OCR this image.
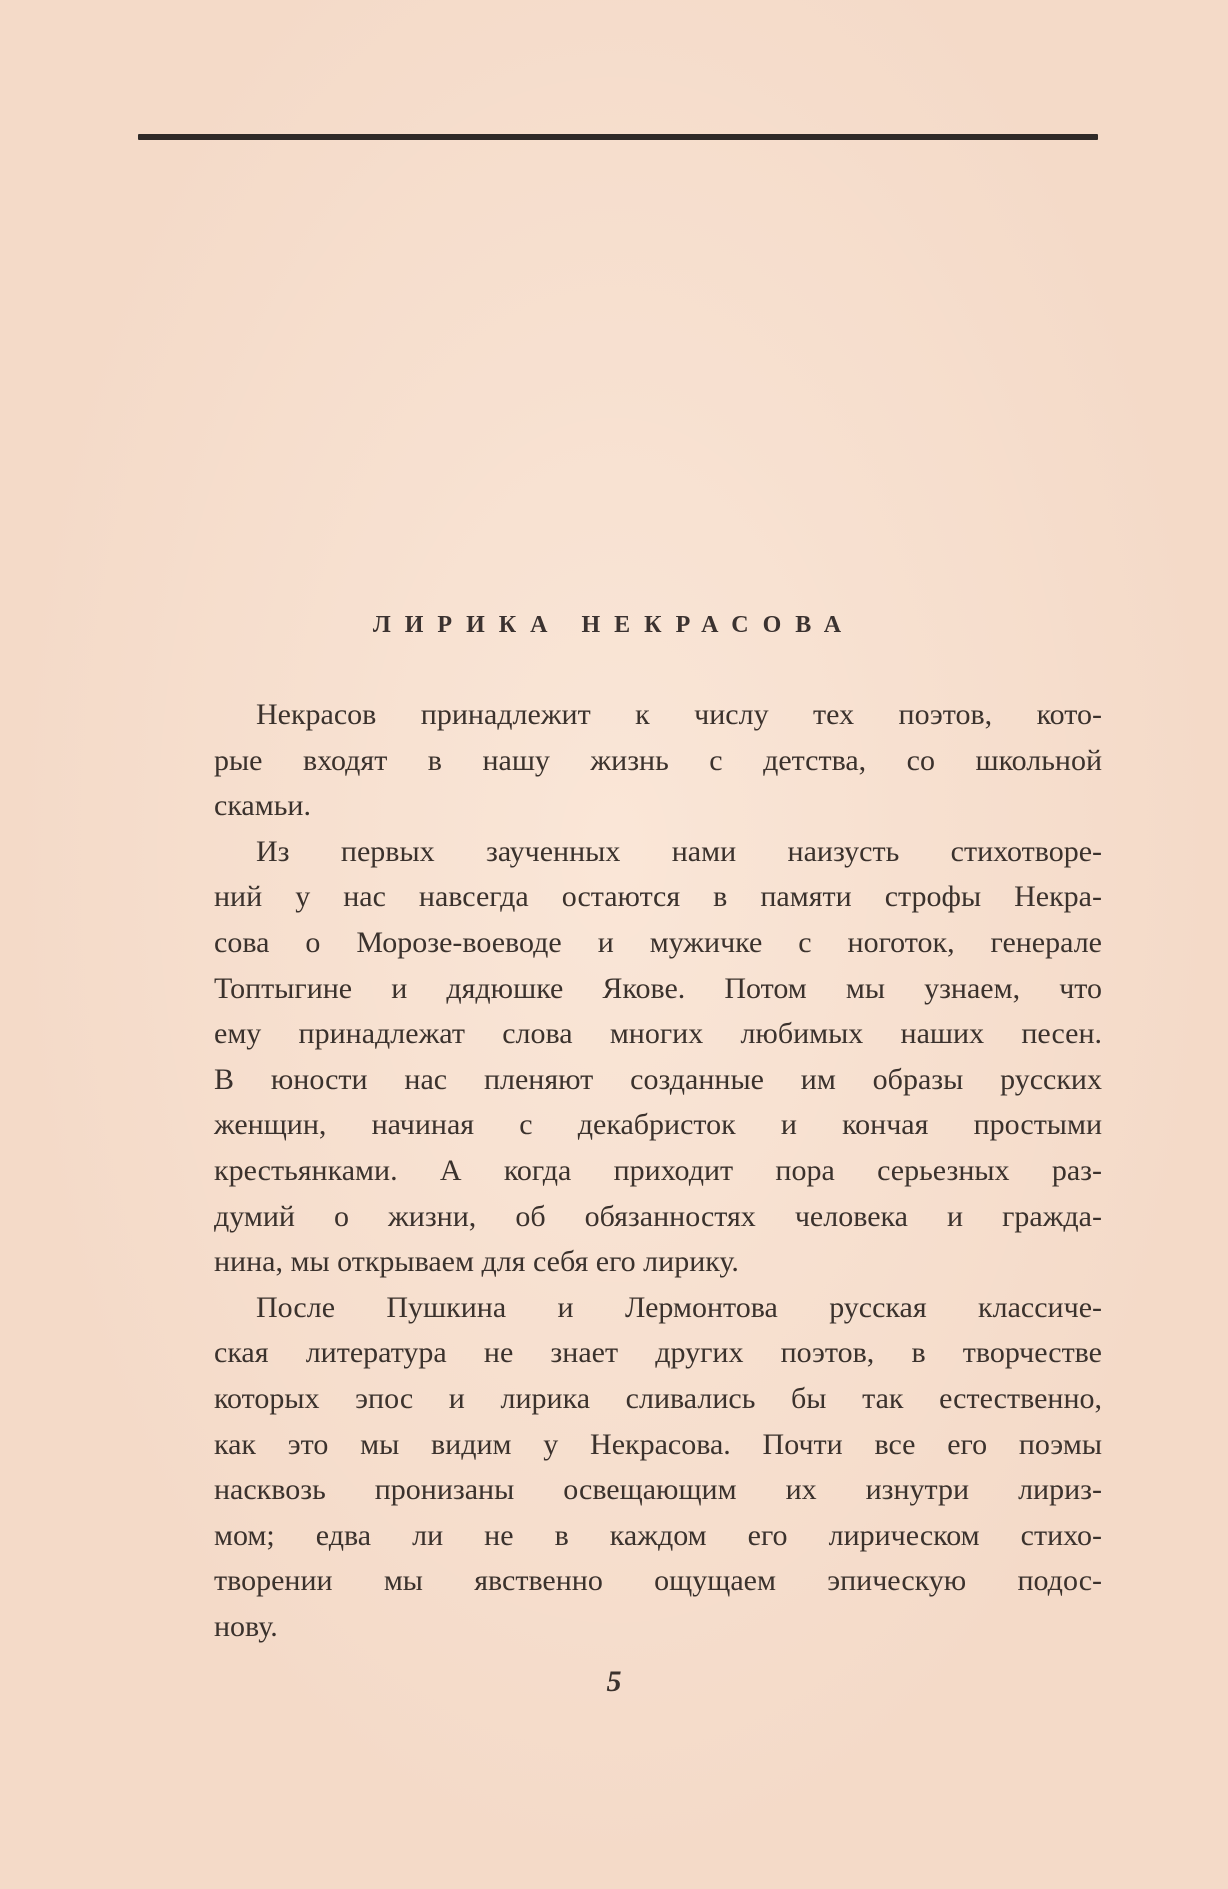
ЛИРИКА НЕКРАСОВА

Некрасов принадлежит к числу тех поэтов, кото-
рые входят в нашу жизнь с детства, со школьной
скамьи.

Из первых заученных нами наизусть стихотворе-
ний у нас навсегда остаются в памяти строфы Некра-
сова о Морозе-воеводе и мужичке с ноготок, генерале
Топтыгине и дядюшке Якове. Потом мы узнаем, что
ему принадлежат слова многих любимых наших песен.
В юности нас пленяют созданные им образы русских
женщин, начиная с декабристок и кончая простыми
крестьянками. А когда приходит пора серьезных раз-
думий о жизни, об обязанностях человека и гражда-
нина, мы открываем для себя его лирику.

После Пушкина и Лермонтова русская классиче-
ская литература не знает других поэтов, в творчестве
которых эпос и лирика сливались бы так естественно,
как это мы видим у Некрасова. Почти все его поэмы
насквозь пронизаны освещающим их изнутри лириз-
мом; едва ли не в каждом его лирическом стихо-
творении мы явственно ощущаем эпическую подос-
нову.

5
